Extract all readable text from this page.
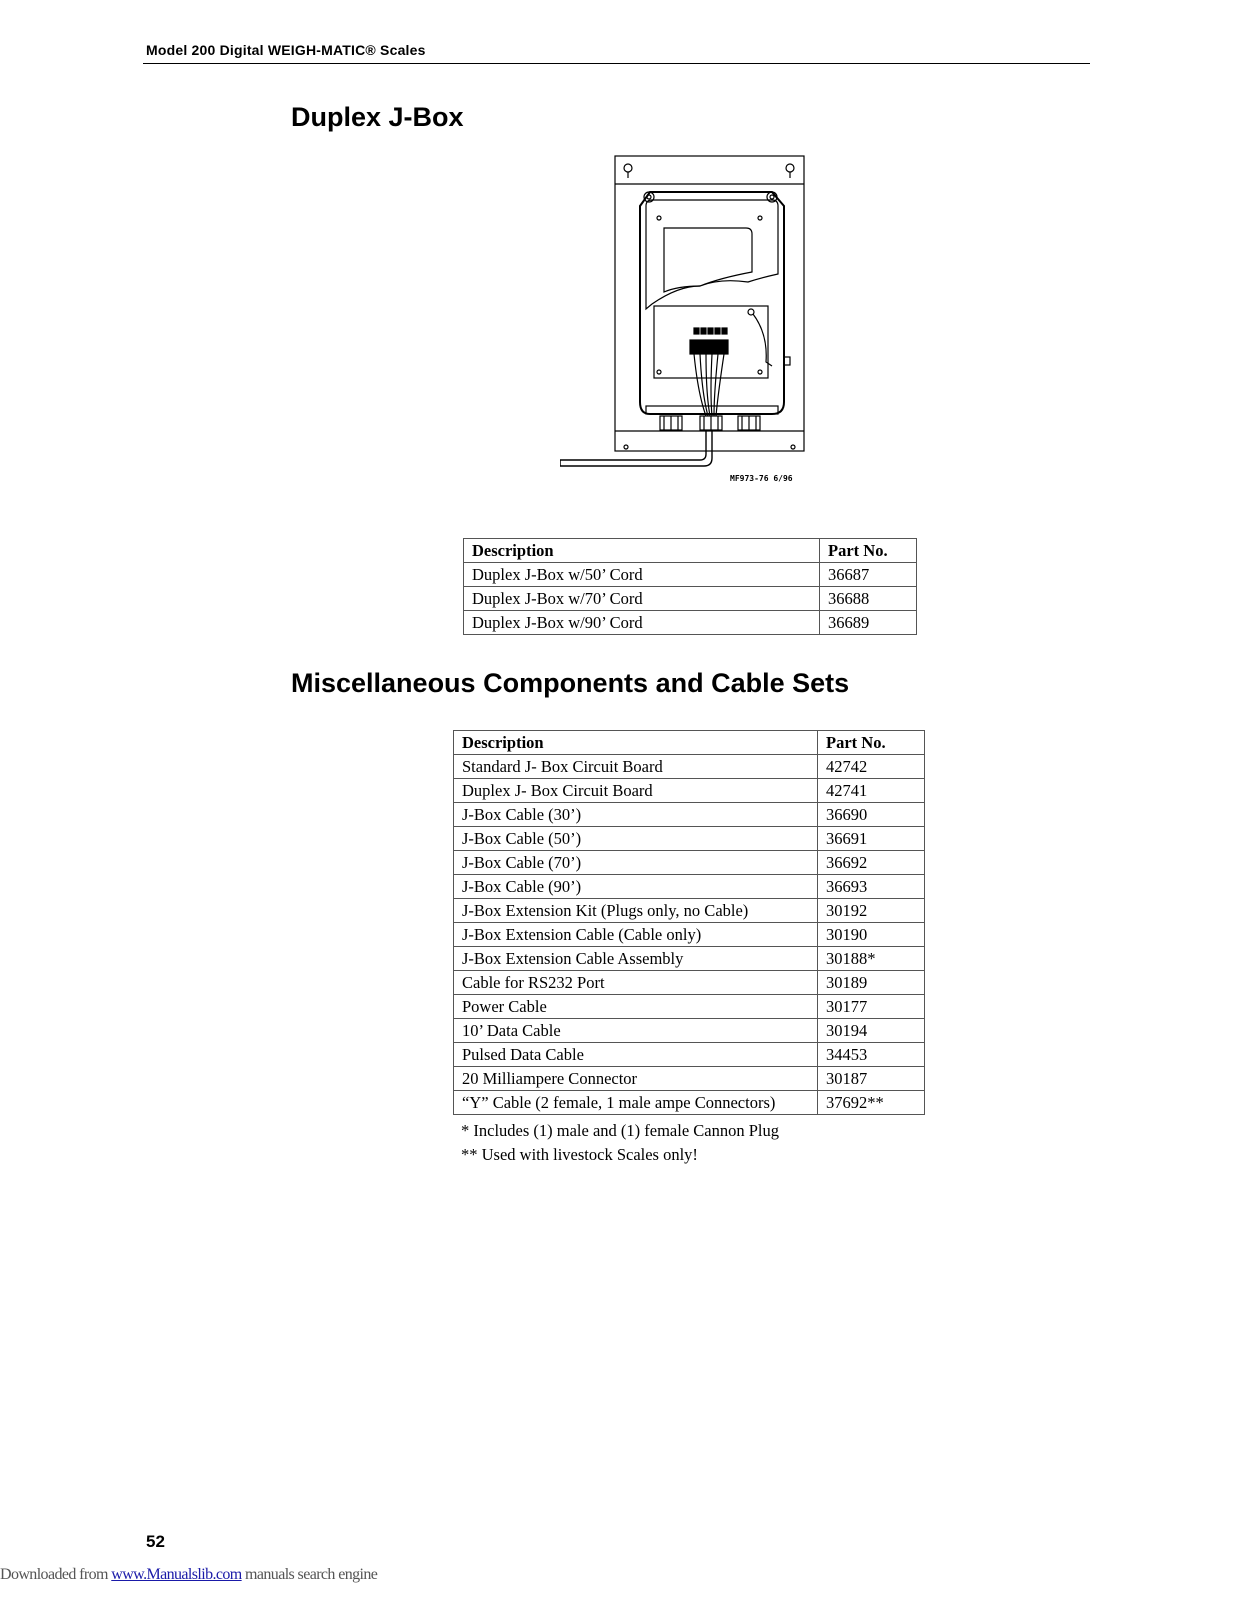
Model 200 Digital WEIGH-MATIC® Scales
Duplex J-Box
MF973-76 6/96
Description	Part No.
Duplex J-Box w/50’ Cord	36687
Duplex J-Box w/70’ Cord	36688
Duplex J-Box w/90’ Cord	36689
Miscellaneous Components and Cable Sets
Description	Part No.
Standard J- Box Circuit Board	42742
Duplex J- Box Circuit Board	42741
J-Box Cable (30’)	36690
J-Box Cable (50’)	36691
J-Box Cable (70’)	36692
J-Box Cable (90’)	36693
J-Box Extension Kit (Plugs only, no Cable)	30192
J-Box Extension Cable (Cable only)	30190
J-Box Extension Cable Assembly	30188*
Cable for RS232 Port	30189
Power Cable	30177
10’ Data Cable	30194
Pulsed Data Cable	34453
20 Milliampere Connector	30187
“Y” Cable (2 female, 1 male ampe Connectors)	37692**
* Includes (1) male and (1) female Cannon Plug
** Used with livestock Scales only!
52
Downloaded from www.Manualslib.com manuals search engine
